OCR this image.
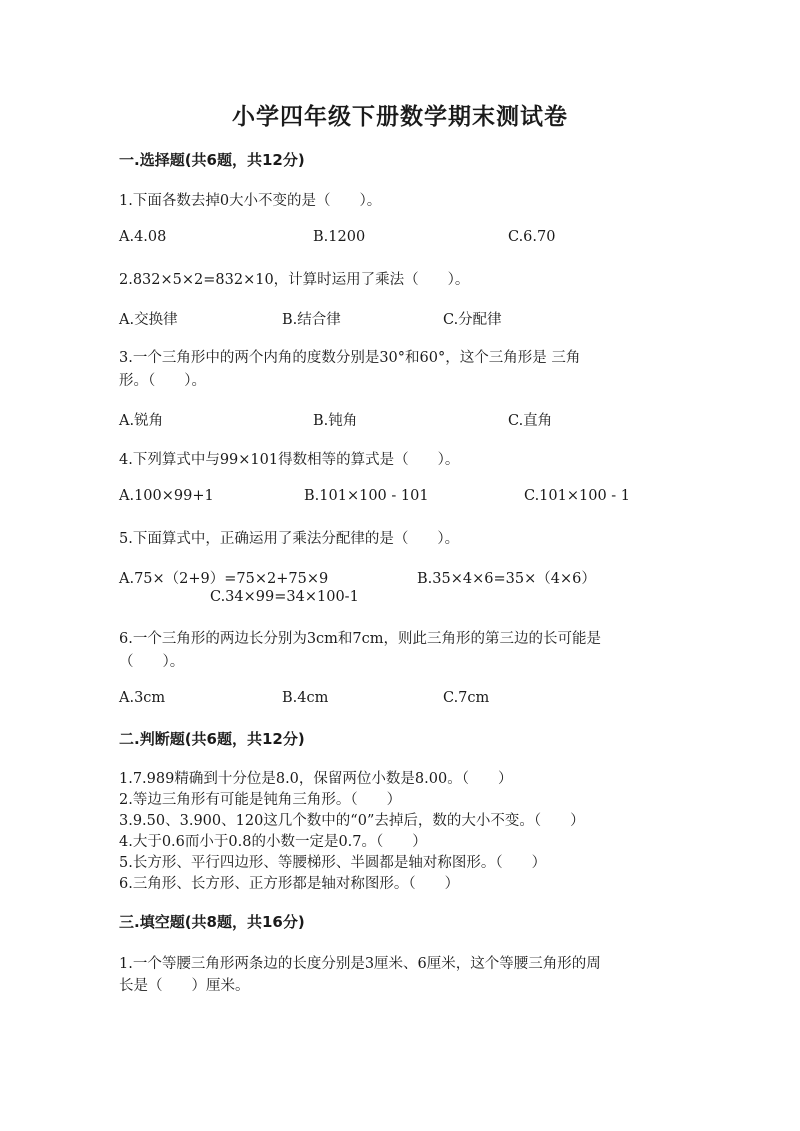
小学四年级下册数学期末测试卷
一.选择题(共6题，共12分)
1.下面各数去掉0大小不变的是（　　）。
A.4.08	B.1200	C.6.70
2.832×5×2=832×10，计算时运用了乘法（　　）。
A.交换律	B.结合律	C.分配律
3.一个三角形中的两个内角的度数分别是30°和60°，这个三角形是 三角
形。（　　）。
A.锐角	B.钝角	C.直角
4.下列算式中与99×101得数相等的算式是（　　）。
A.100×99+1	B.101×100 - 101	C.101×100 - 1
5.下面算式中，正确运用了乘法分配律的是（　　）。
A.75×（2+9）=75×2+75×9	B.35×4×6=35×（4×6）
C.34×99=34×100-1
6.一个三角形的两边长分别为3cm和7cm，则此三角形的第三边的长可能是
（　　）。
A.3cm	B.4cm	C.7cm
二.判断题(共6题，共12分)
1.7.989精确到十分位是8.0，保留两位小数是8.00。（　　）
2.等边三角形有可能是钝角三角形。（　　）
3.9.50、3.900、120这几个数中的“0”去掉后，数的大小不变。（　　）
4.大于0.6而小于0.8的小数一定是0.7。（　　）
5.长方形、平行四边形、等腰梯形、半圆都是轴对称图形。（　　）
6.三角形、长方形、正方形都是轴对称图形。（　　）
三.填空题(共8题，共16分)
1.一个等腰三角形两条边的长度分别是3厘米、6厘米，这个等腰三角形的周
长是（　　）厘米。
